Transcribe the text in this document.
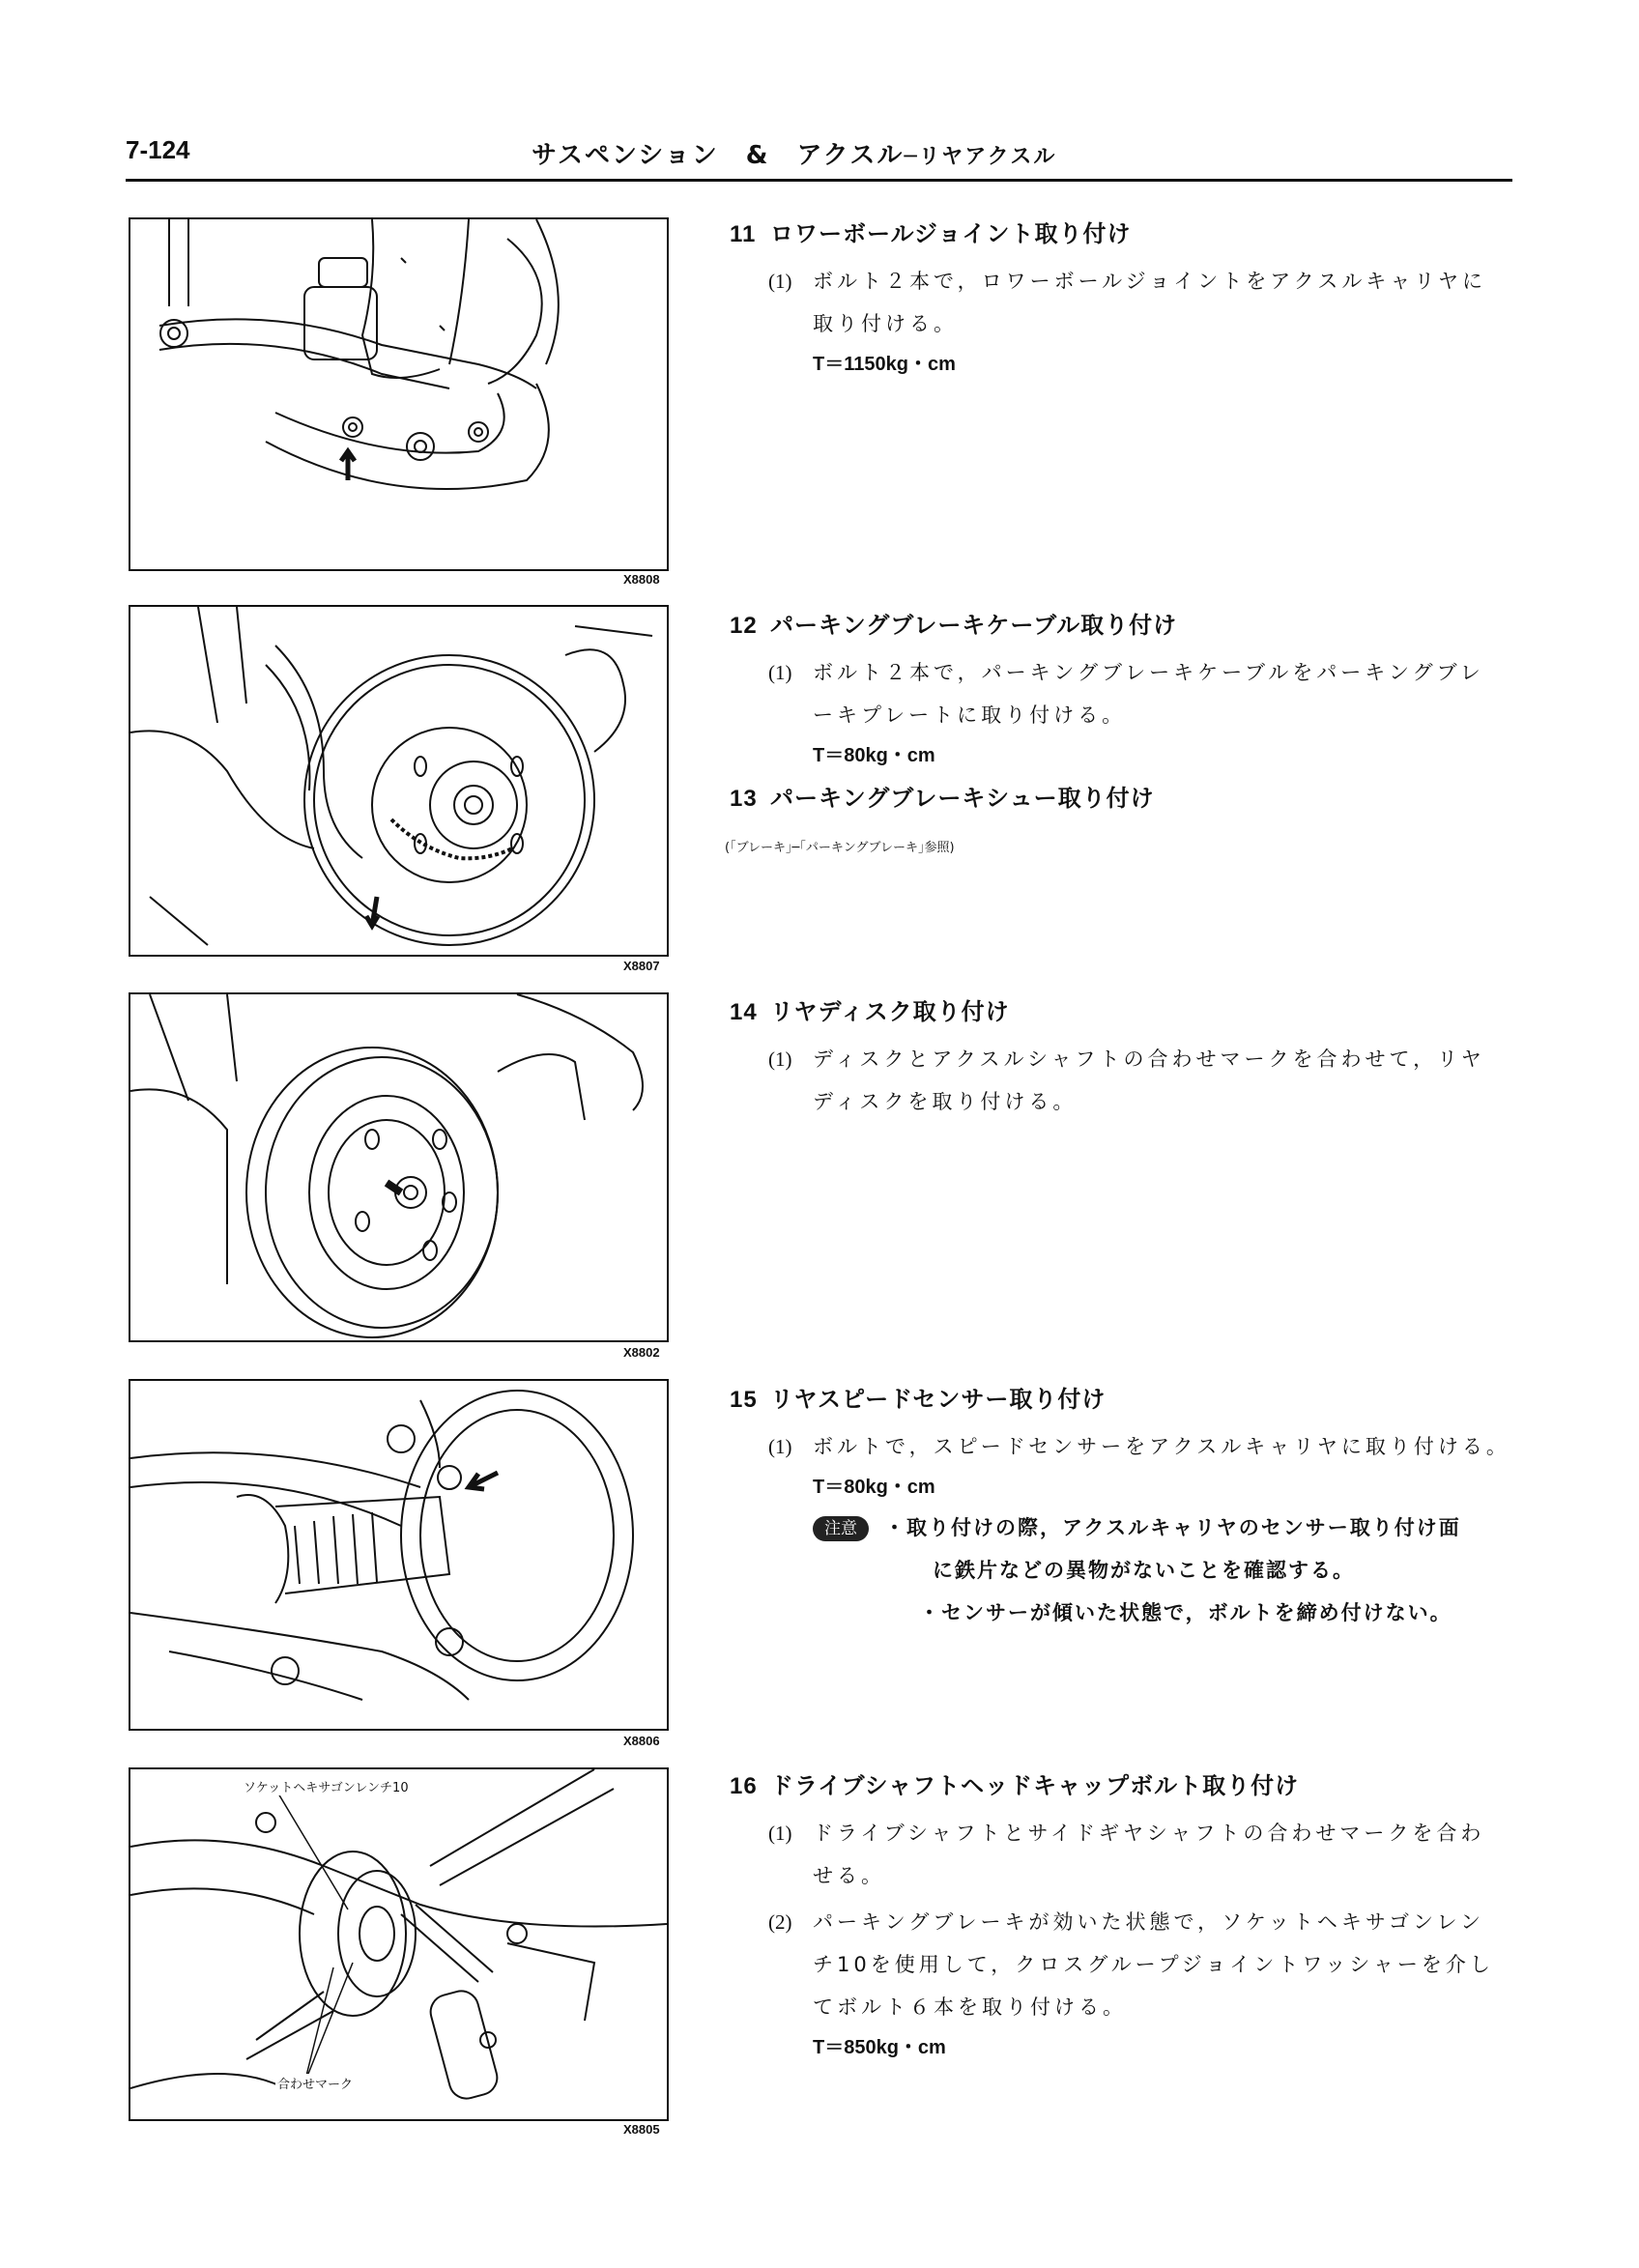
7-124	サスペンション　&　アクスル─リヤアクスル
X8808
X8807
X8802
X8806
ソケットヘキサゴンレンチ10
合わせマーク
X8805
11 ロワーボールジョイント取り付け
(1) ボルト２本で，ロワーボールジョイントをアクスルキャリヤに
取り付ける。
T＝1150kg・cm
12 パーキングブレーキケーブル取り付け
(1) ボルト２本で，パーキングブレーキケーブルをパーキングブレ
ーキプレートに取り付ける。
T＝80kg・cm
13 パーキングブレーキシュー取り付け
(｢ブレーキ｣─｢パーキングブレーキ｣参照)
14 リヤディスク取り付け
(1) ディスクとアクスルシャフトの合わせマークを合わせて，リヤ
ディスクを取り付ける。
15 リヤスピードセンサー取り付け
(1) ボルトで，スピードセンサーをアクスルキャリヤに取り付ける。
T＝80kg・cm
注意 ・取り付けの際，アクスルキャリヤのセンサー取り付け面
に鉄片などの異物がないことを確認する。
・センサーが傾いた状態で，ボルトを締め付けない。
16 ドライブシャフトヘッドキャップボルト取り付け
(1) ドライブシャフトとサイドギヤシャフトの合わせマークを合わ
せる。
(2) パーキングブレーキが効いた状態で，ソケットヘキサゴンレン
チ10を使用して，クロスグループジョイントワッシャーを介し
てボルト６本を取り付ける。
T＝850kg・cm
